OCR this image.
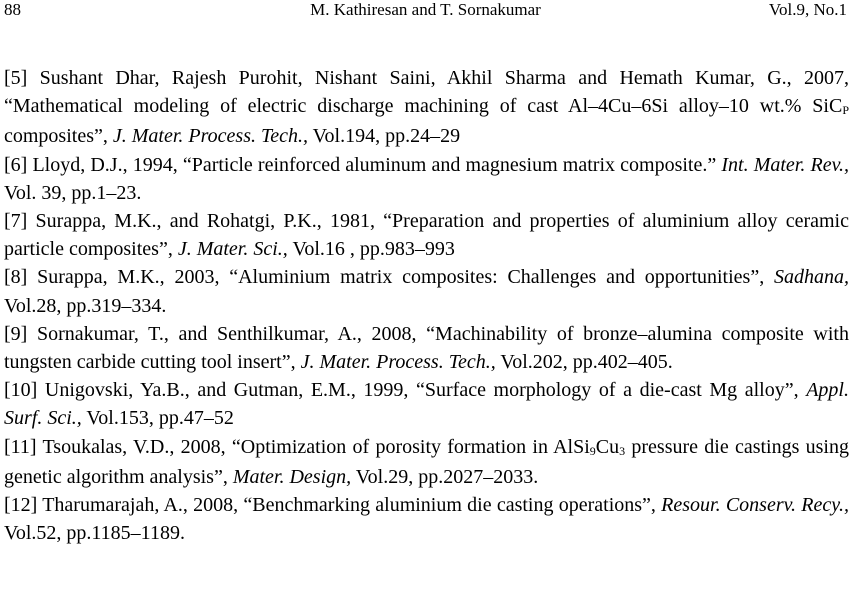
88	M. Kathiresan and T. Sornakumar	Vol.9, No.1

[5] Sushant Dhar, Rajesh Purohit, Nishant Saini, Akhil Sharma and Hemath Kumar, G., 2007, “Mathematical modeling of electric discharge machining of cast Al–4Cu–6Si alloy–10 wt.% SiC$_P$ composites”, J. Mater. Process. Tech., Vol.194, pp.24–29

[6] Lloyd, D.J., 1994, “Particle reinforced aluminum and magnesium matrix composite.” Int. Mater. Rev., Vol. 39, pp.1–23.

[7] Surappa, M.K., and Rohatgi, P.K., 1981, “Preparation and properties of aluminium alloy ceramic particle composites”, J. Mater. Sci., Vol.16 , pp.983–993

[8] Surappa, M.K., 2003, “Aluminium matrix composites: Challenges and opportunities”, Sadhana, Vol.28, pp.319–334.

[9] Sornakumar, T., and Senthilkumar, A., 2008, “Machinability of bronze–alumina composite with tungsten carbide cutting tool insert”, J. Mater. Process. Tech., Vol.202, pp.402–405.

[10] Unigovski, Ya.B., and Gutman, E.M., 1999, “Surface morphology of a die-cast Mg alloy”, Appl. Surf. Sci., Vol.153, pp.47–52

[11] Tsoukalas, V.D., 2008, “Optimization of porosity formation in $AlSi_9Cu_3$ pressure die castings using genetic algorithm analysis”, Mater. Design, Vol.29, pp.2027–2033.

[12] Tharumarajah, A., 2008, “Benchmarking aluminium die casting operations”, Resour. Conserv. Recy., Vol.52, pp.1185–1189.
